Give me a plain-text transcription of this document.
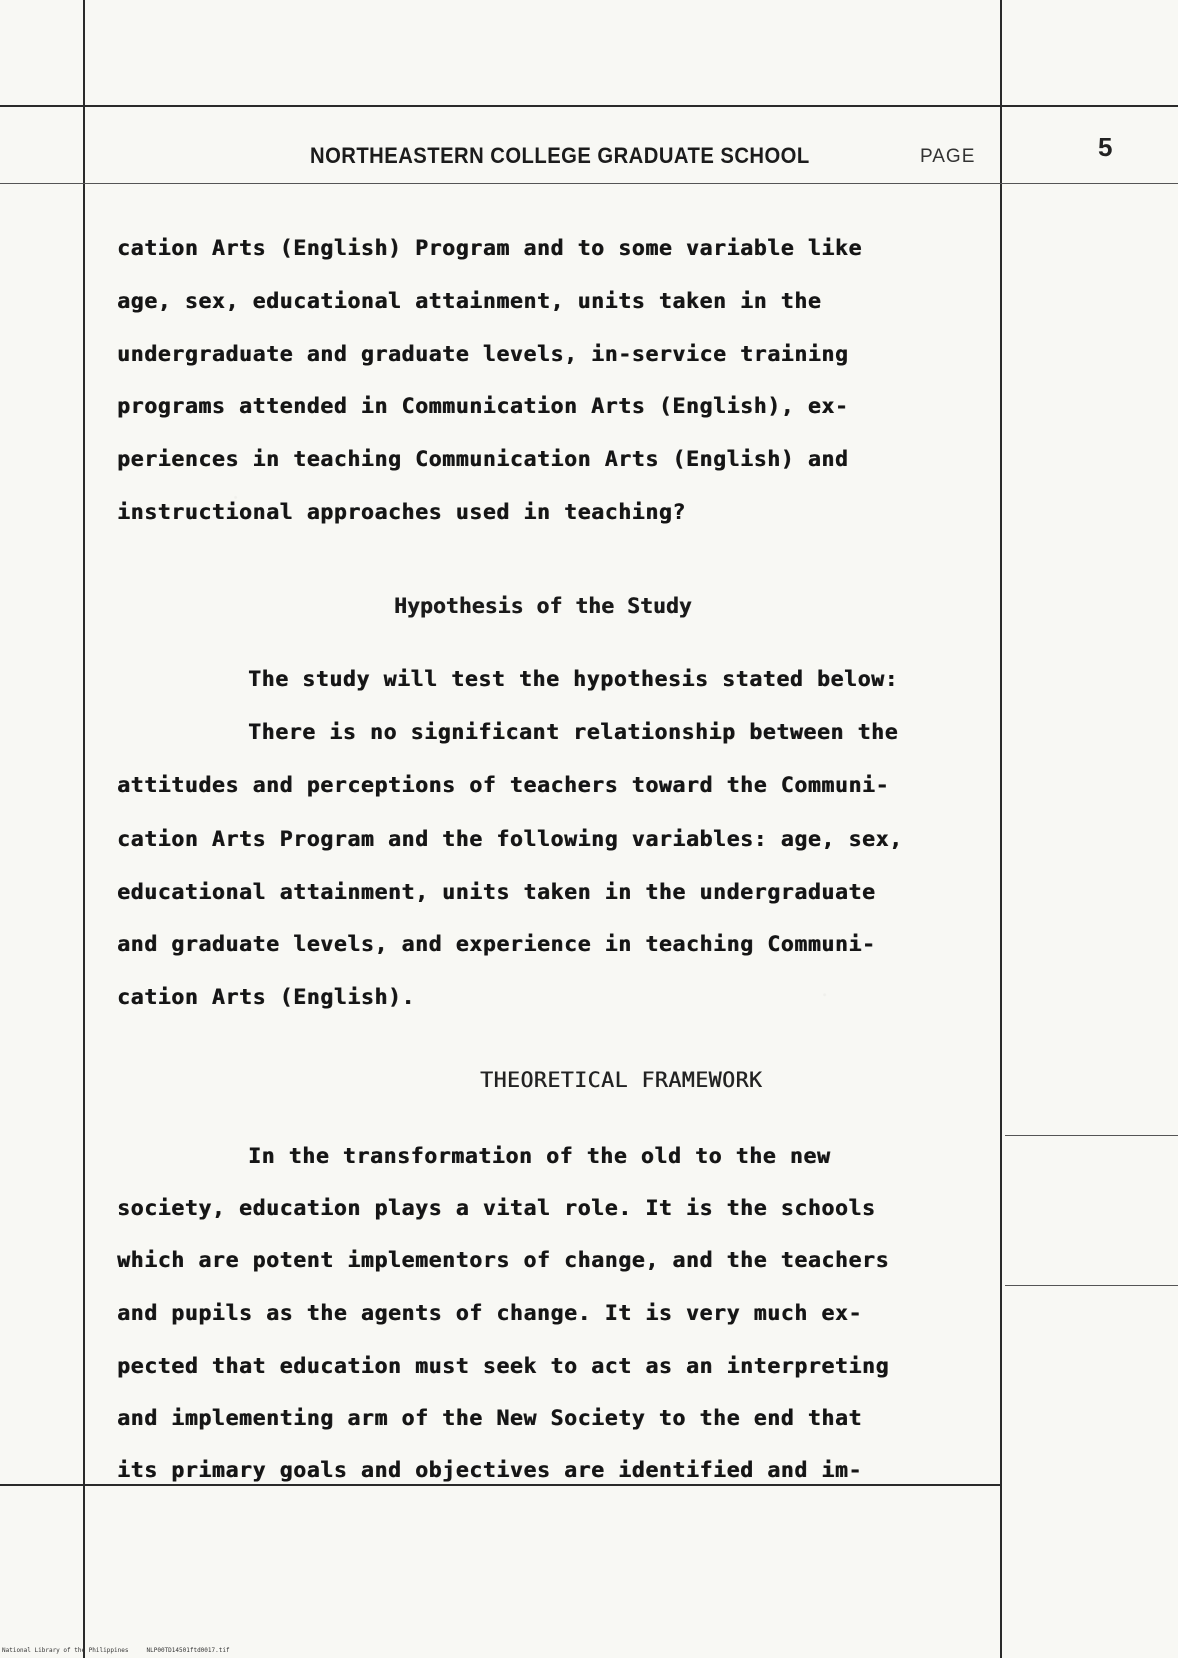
NORTHEASTERN COLLEGE GRADUATE SCHOOL	PAGE	5
cation Arts (English) Program and to some variable like
age, sex, educational attainment, units taken in the
undergraduate and graduate levels, in-service training
programs attended in Communication Arts (English), ex-
periences in teaching Communication Arts (English) and
instructional approaches used in teaching?
Hypothesis of the Study
The study will test the hypothesis stated below:
There is no significant relationship between the
attitudes and perceptions of teachers toward the Communi-
cation Arts Program and the following variables: age, sex,
educational attainment, units taken in the undergraduate
and graduate levels, and experience in teaching Communi-
cation Arts (English).
THEORETICAL FRAMEWORK
In the transformation of the old to the new
society, education plays a vital role. It is the schools
which are potent implementors of change, and the teachers
and pupils as the agents of change. It is very much ex-
pected that education must seek to act as an interpreting
and implementing arm of the New Society to the end that
its primary goals and objectives are identified and im-
National Library of the Philippines	NLP00TD14501ftd0017.tif
